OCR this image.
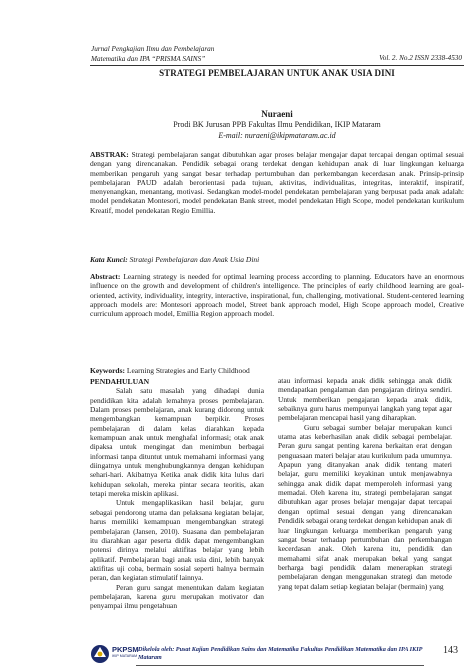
Jurnal Pengkajian Ilmu dan Pembelajaran
Matematika dan IPA “PRISMA SAINS”	Vol. 2. No.2 ISSN 2338-4530
STRATEGI PEMBELAJARAN UNTUK ANAK USIA DINI
Nuraeni
Prodi BK Jurusan PPB Fakultas Ilmu Pendidikan, IKIP Mataram
E-mail: nuraeni@ikipmataram.ac.id
ABSTRAK: Strategi pembelajaran sangat dibutuhkan agar proses belajar mengajar dapat tercapai dengan optimal sesuai dengan yang direncanakan. Pendidik sebagai orang terdekat dengan kehidupan anak di luar lingkungan keluarga memberikan pengaruh yang sangat besar terhadap pertumbuhan dan perkembangan kecerdasan anak. Prinsip-prinsip pembelajaran PAUD adalah berorientasi pada tujuan, aktivitas, individualitas, integritas, interaktif, inspiratif, menyenangkan, menantang, motivasi. Sedangkan model-model pendekatan pembelajaran yang berpusat pada anak adalah: model pendekatan Montesori, model pendekatan Bank street, model pendekatan High Scope, model pendekatan kurikulum Kreatif, model pendekatan Regio Emillia.
Kata Kunci: Strategi Pembelajaran dan Anak Usia Dini
Abstract: Learning strategy is needed for optimal learning process according to planning. Educators have an enormous influence on the growth and development of children's intelligence. The principles of early childhood learning are goal-oriented, activity, individuality, integrity, interactive, inspirational, fun, challenging, motivational. Student-centered learning approach models are: Montesori approach model, Street bank approach model, High Scope approach model, Creative curriculum approach model, Emillia Region approach model.
Keywords: Learning Strategies and Early Childhood

PENDAHULUAN

Salah satu masalah yang dihadapi dunia pendidikan kita adalah lemahnya proses pembelajaran. Dalam proses pembelajaran, anak kurang didorong untuk mengembangkan kemampuan berpikir. Proses pembelajaran di dalam kelas diarahkan kepada kemampuan anak untuk menghafal informasi; otak anak dipaksa untuk mengingat dan menimbun berbagai informasi tanpa dituntut untuk memahami informasi yang diingatnya untuk menghubungkannya dengan kehidupan sehari-hari. Akibatnya Ketika anak didik kita lulus dari kehidupan sekolah, mereka pintar secara teoritis, akan tetapi mereka miskin aplikasi.

Untuk mengaplikasikan hasil belajar, guru sebagai pendorong utama dan pelaksana kegiatan belajar, harus memiliki kemampuan mengembangkan strategi pembelajaran (Jansen, 2010). Suasana dan pembelajaran itu diarahkan agar peserta didik dapat mengembangkan potensi dirinya melalui aktifitas belajar yang lebih aplikatif. Pembelajaran bagi anak usia dini, lebih banyak aktifitas uji coba, bermain sosial seperti halnya bermain peran, dan kegiatan stimulatif lainnya.

Peran guru sangat menentukan dalam kegiatan pembelajaran, karena guru merupakan motivator dan penyampai ilmu pengetahuan

atau informasi kepada anak didik sehingga anak didik mendapatkan pengalaman dan pengajaran dirinya sendiri. Untuk memberikan pengajaran kepada anak didik, sebaiknya guru harus mempunyai langkah yang tepat agar pembelajaran mencapai hasil yang diharapkan.

Guru sebagai sumber belajar merupakan kunci utama atas keberhasilan anak didik sebagai pembelajar. Peran guru sangat penting karena berkaitan erat dengan penguasaan materi belajar atau kurikulum pada umumnya. Apapun yang ditanyakan anak didik tentang materi belajar, guru memiliki keyakinan untuk menjawabnya sehingga anak didik dapat memperoleh informasi yang memadai. Oleh karena itu, strategi pembelajaran sangat dibutuhkan agar proses belajar mengajar dapat tercapai dengan optimal sesuai dengan yang direncanakan Pendidik sebagai orang terdekat dengan kehidupan anak di luar lingkungan keluarga memberikan pengaruh yang sangat besar terhadap pertumbuhan dan perkembangan kecerdasan anak. Oleh karena itu, pendidik dan memahami sifat anak merupakan bekal yang sangat berharga bagi pendidik dalam menerapkan strategi pembelajaran dengan menggunakan strategi dan metode yang tepat dalam setiap kegiatan belajar (bermain) yang

PKPSM
IKIP MATARAM
Dikelola oleh: Pusat Kajian Pendidikan Sains dan Matematika Fakultas Pendidikan Matematika dan IPA IKIP Mataram
143
